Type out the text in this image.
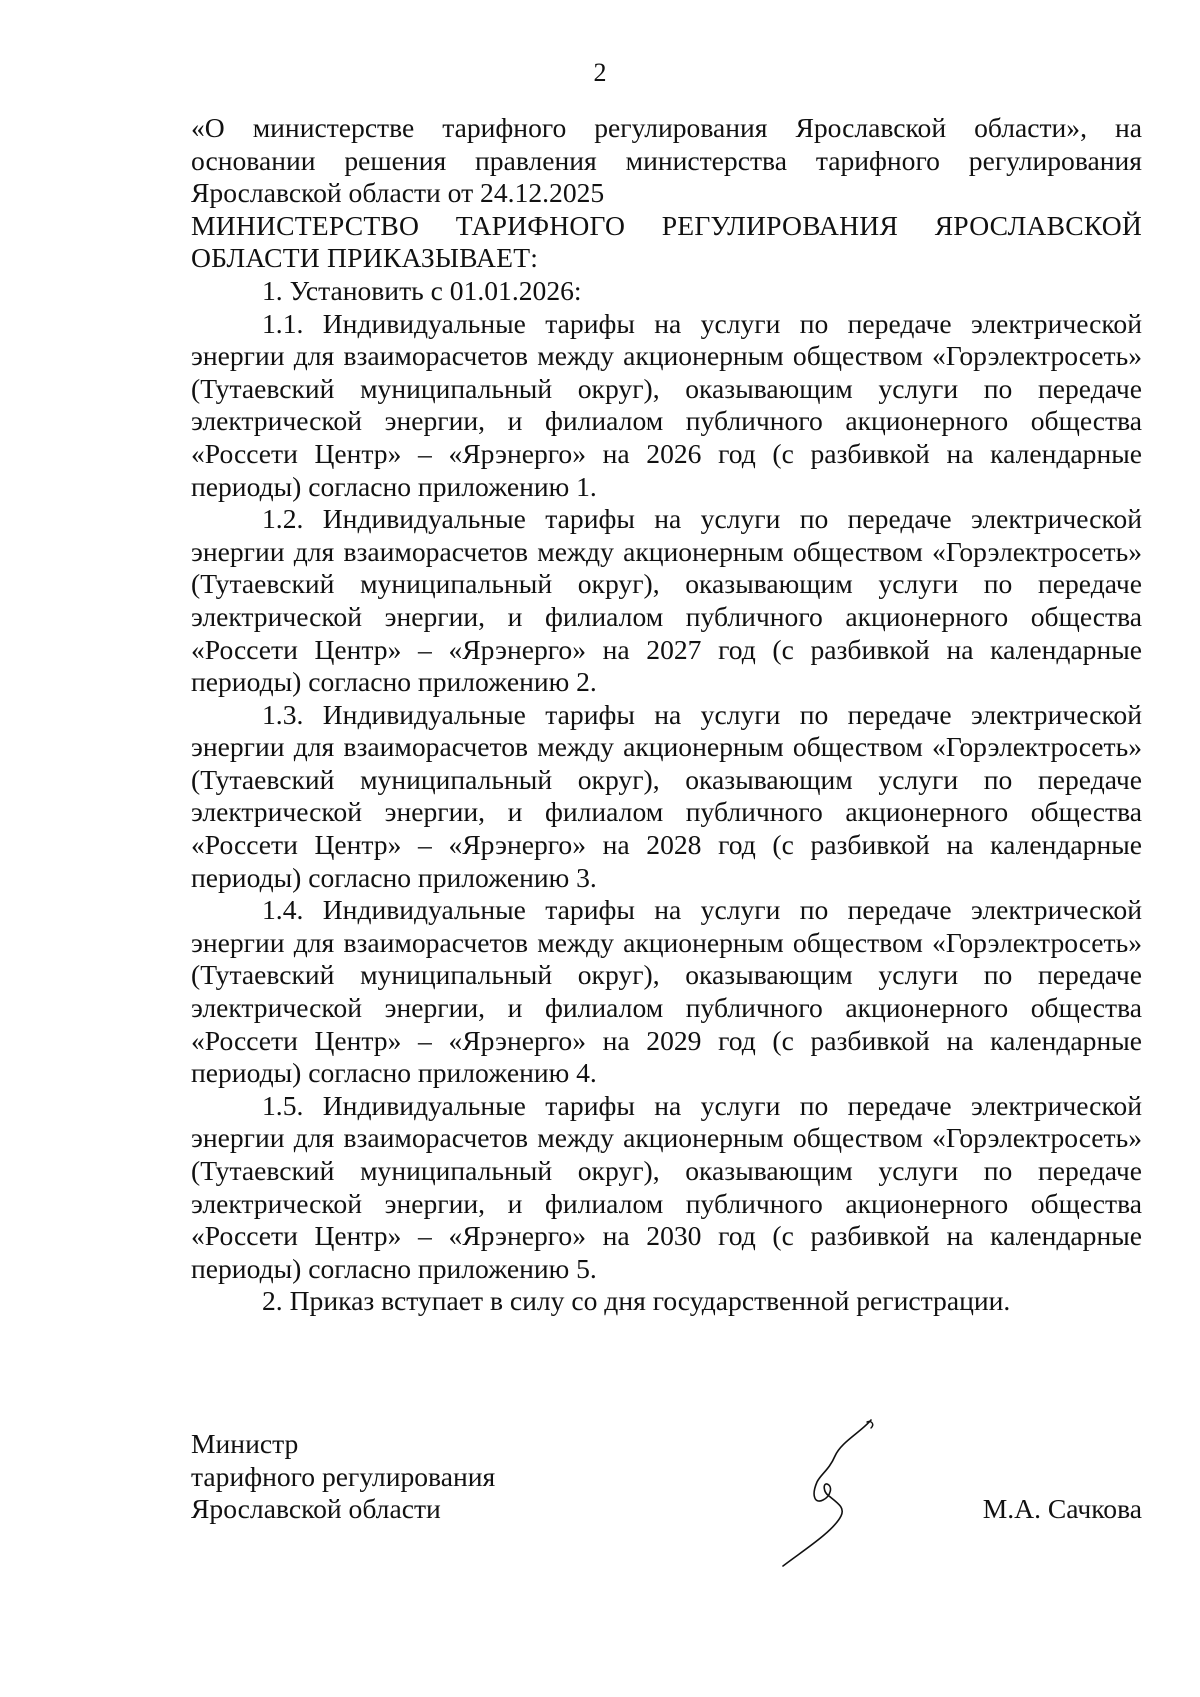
2

«О министерстве тарифного регулирования Ярославской области», на основании решения правления министерства тарифного регулирования Ярославской области от 24.12.2025

МИНИСТЕРСТВО ТАРИФНОГО РЕГУЛИРОВАНИЯ ЯРОСЛАВСКОЙ ОБЛАСТИ ПРИКАЗЫВАЕТ:

1. Установить с 01.01.2026:

1.1. Индивидуальные тарифы на услуги по передаче электрической энергии для взаиморасчетов между акционерным обществом «Горэлектросеть» (Тутаевский муниципальный округ), оказывающим услуги по передаче электрической энергии, и филиалом публичного акционерного общества «Россети Центр» – «Ярэнерго» на 2026 год (с разбивкой на календарные периоды) согласно приложению 1.

1.2. Индивидуальные тарифы на услуги по передаче электрической энергии для взаиморасчетов между акционерным обществом «Горэлектросеть» (Тутаевский муниципальный округ), оказывающим услуги по передаче электрической энергии, и филиалом публичного акционерного общества «Россети Центр» – «Ярэнерго» на 2027 год (с разбивкой на календарные периоды) согласно приложению 2.

1.3. Индивидуальные тарифы на услуги по передаче электрической энергии для взаиморасчетов между акционерным обществом «Горэлектросеть» (Тутаевский муниципальный округ), оказывающим услуги по передаче электрической энергии, и филиалом публичного акционерного общества «Россети Центр» – «Ярэнерго» на 2028 год (с разбивкой на календарные периоды) согласно приложению 3.

1.4. Индивидуальные тарифы на услуги по передаче электрической энергии для взаиморасчетов между акционерным обществом «Горэлектросеть» (Тутаевский муниципальный округ), оказывающим услуги по передаче электрической энергии, и филиалом публичного акционерного общества «Россети Центр» – «Ярэнерго» на 2029 год (с разбивкой на календарные периоды) согласно приложению 4.

1.5. Индивидуальные тарифы на услуги по передаче электрической энергии для взаиморасчетов между акционерным обществом «Горэлектросеть» (Тутаевский муниципальный округ), оказывающим услуги по передаче электрической энергии, и филиалом публичного акционерного общества «Россети Центр» – «Ярэнерго» на 2030 год (с разбивкой на календарные периоды) согласно приложению 5.

2. Приказ вступает в силу со дня государственной регистрации.

Министр
тарифного регулирования
Ярославской области	М.А. Сачкова
